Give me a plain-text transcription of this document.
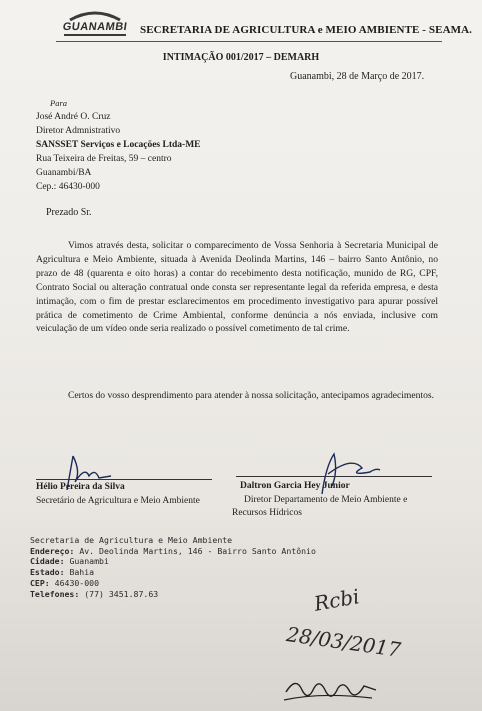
GUANAMBI	SECRETARIA DE AGRICULTURA e MEIO AMBIENTE - SEAMA.
INTIMAÇÃO 001/2017 – DEMARH
Guanambi, 28 de Março de 2017.
Para
José André O. Cruz
Diretor Admnistrativo
SANSSET Serviços e Locações Ltda-ME
Rua Teixeira de Freitas, 59 – centro
Guanambi/BA
Cep.: 46430-000
Prezado Sr.
Vimos através desta, solicitar o comparecimento de Vossa Senhoria à Secretaria Municipal de Agricultura e Meio Ambiente, situada à Avenida Deolinda Martins, 146 – bairro Santo Antônio, no prazo de 48 (quarenta e oito horas) a contar do recebimento desta notificação, munido de RG, CPF, Contrato Social ou alteração contratual onde consta ser representante legal da referida empresa, e desta intimação, com o fim de prestar esclarecimentos em procedimento investigativo para apurar possível prática de cometimento de Crime Ambiental, conforme denúncia a nós enviada, inclusive com veiculação de um vídeo onde seria realizado o possível cometimento de tal crime.
Certos do vosso desprendimento para atender à nossa solicitação, antecipamos agradecimentos.
Hélio Pereira da Silva
Secretário de Agricultura e Meio Ambiente
Daltron Garcia Hey Junior
Diretor Departamento de Meio Ambiente e
Recursos Hídricos
Secretaria de Agricultura e Meio Ambiente
Endereço: Av. Deolinda Martins, 146 - Bairro Santo Antônio
Cidade: Guanambi
Estado: Bahia
CEP: 46430-000
Telefones: (77) 3451.87.63	Rcbi
28/03/2017
